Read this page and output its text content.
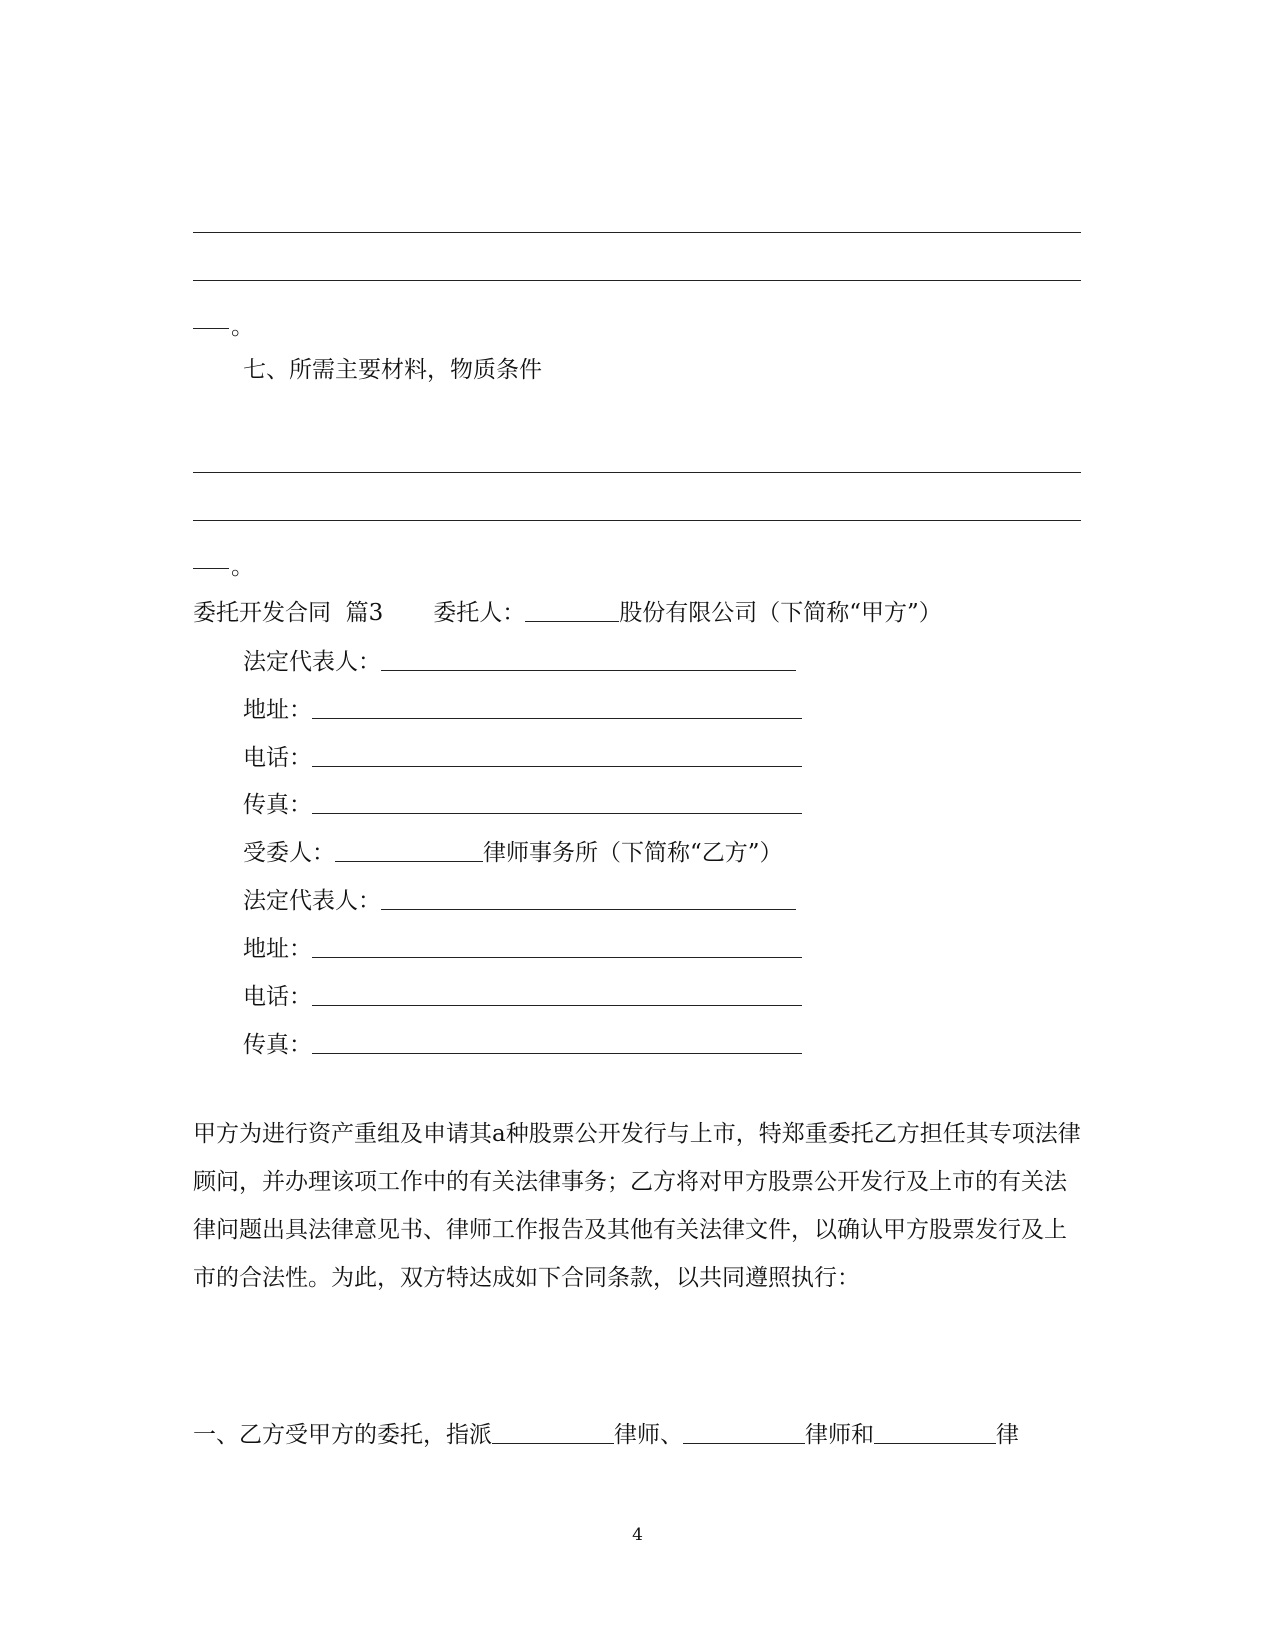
。
七、所需主要材料，物质条件
。
委托开发合同  篇3 委托人：	股份有限公司（下简称“甲方”）
法定代表人：
地址：
电话：
传真：
受委人：	律师事务所（下简称“乙方”）
法定代表人：
地址：
电话：
传真：
甲方为进行资产重组及申请其a种股票公开发行与上市，特郑重委托乙方担任其专项法律顾问，并办理该项工作中的有关法律事务；乙方将对甲方股票公开发行及上市的有关法律问题出具法律意见书、律师工作报告及其他有关法律文件，以确认甲方股票发行及上市的合法性。为此，双方特达成如下合同条款，以共同遵照执行：
一、乙方受甲方的委托，指派	律师、	律师和	律
4
